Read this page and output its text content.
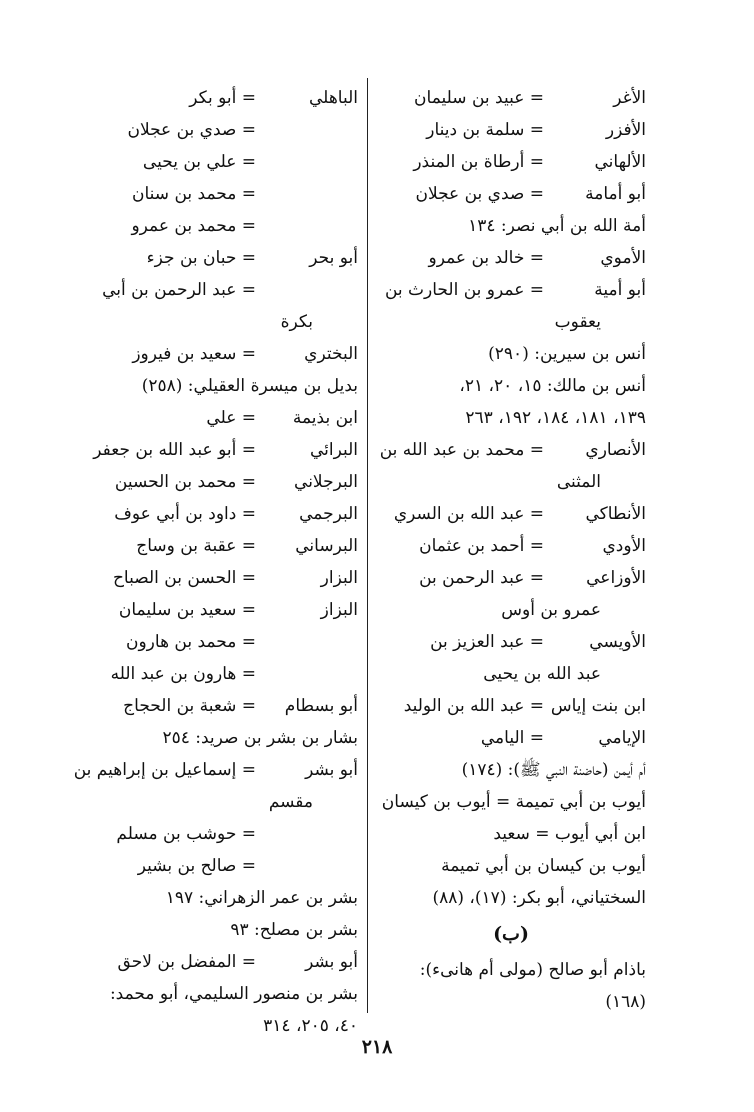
الأغر
= عبيد بن سليمان
الأفزر
= سلمة بن دينار
الألهاني
= أرطاة بن المنذر
أبو أمامة
= صدي بن عجلان
أمة الله بن أبي نصر: ١٣٤
الأموي
= خالد بن عمرو
أبو أمية
= عمرو بن الحارث بن
يعقوب
أنس بن سيرين: (٢٩٠)
أنس بن مالك: ١٥، ٢٠، ٢١،
١٣٩، ١٨١، ١٨٤، ١٩٢، ٢٦٣
الأنصاري
= محمد بن عبد الله بن
المثنى
الأنطاكي
= عبد الله بن السري
الأودي
= أحمد بن عثمان
الأوزاعي
= عبد الرحمن بن
عمرو بن أوس
الأويسي
= عبد العزيز بن
عبد الله بن يحيى
ابن بنت إياس
= عبد الله بن الوليد
الإيامي
= اليامي
أم أيمن (حاضنة النبي ﷺ): (١٧٤)
أيوب بن أبي تميمة = أيوب بن كيسان
ابن أبي أيوب = سعيد
أيوب بن كيسان بن أبي تميمة
السختياني، أبو بكر: (١٧)، (٨٨)
(ب)
باذام أبو صالح (مولى أم هانىء):
(١٦٨)
الباهلي
= أبو بكر
= صدي بن عجلان
= علي بن يحيى
= محمد بن سنان
= محمد بن عمرو
أبو بحر
= حبان بن جزء
= عبد الرحمن بن أبي
بكرة
البختري
= سعيد بن فيروز
بديل بن ميسرة العقيلي: (٢٥٨)
ابن بذيمة
= علي
البرائي
= أبو عبد الله بن جعفر
البرجلاني
= محمد بن الحسين
البرجمي
= داود بن أبي عوف
البرساني
= عقبة بن وساج
البزار
= الحسن بن الصباح
البزاز
= سعيد بن سليمان
= محمد بن هارون
= هارون بن عبد الله
أبو بسطام
= شعبة بن الحجاج
بشار بن بشر بن صريد: ٢٥٤
أبو بشر
= إسماعيل بن إبراهيم بن
مقسم
= حوشب بن مسلم
= صالح بن بشير
بشر بن عمر الزهراني: ١٩٧
بشر بن مصلح: ٩٣
أبو بشر
= المفضل بن لاحق
بشر بن منصور السليمي، أبو محمد:
٤٠، ٢٠٥، ٣١٤
٢١٨
